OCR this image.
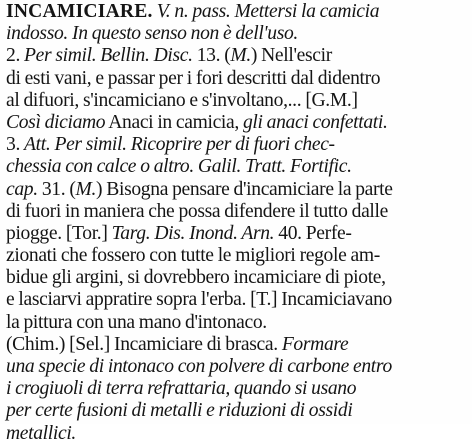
INCAMICIARE. V. n. pass. Mettersi la camicia
indosso. In questo senso non è dell'uso.
2. Per simil. Bellin. Disc. 13. (M.) Nell'escir
di esti vani, e passar per i fori descritti dal didentro
al difuori, s'incamiciano e s'involtano,... [G.M.]
Così diciamo Anaci in camicia, gli anaci confettati.
3. Att. Per simil. Ricoprire per di fuori chec-
chessia con calce o altro. Galil. Tratt. Fortific.
cap. 31. (M.) Bisogna pensare d'incamiciare la parte
di fuori in maniera che possa difendere il tutto dalle
piogge. [Tor.] Targ. Dis. Inond. Arn. 40. Perfe-
zionati che fossero con tutte le migliori regole am-
bidue gli argini, si dovrebbero incamiciare di piote,
e lasciarvi appratire sopra l'erba. [T.] Incamiciavano
la pittura con una mano d'intonaco.
(Chim.) [Sel.] Incamiciare di brasca. Formare
una specie di intonaco con polvere di carbone entro
i crogiuoli di terra refrattaria, quando si usano
per certe fusioni di metalli e riduzioni di ossidi
metallici.
